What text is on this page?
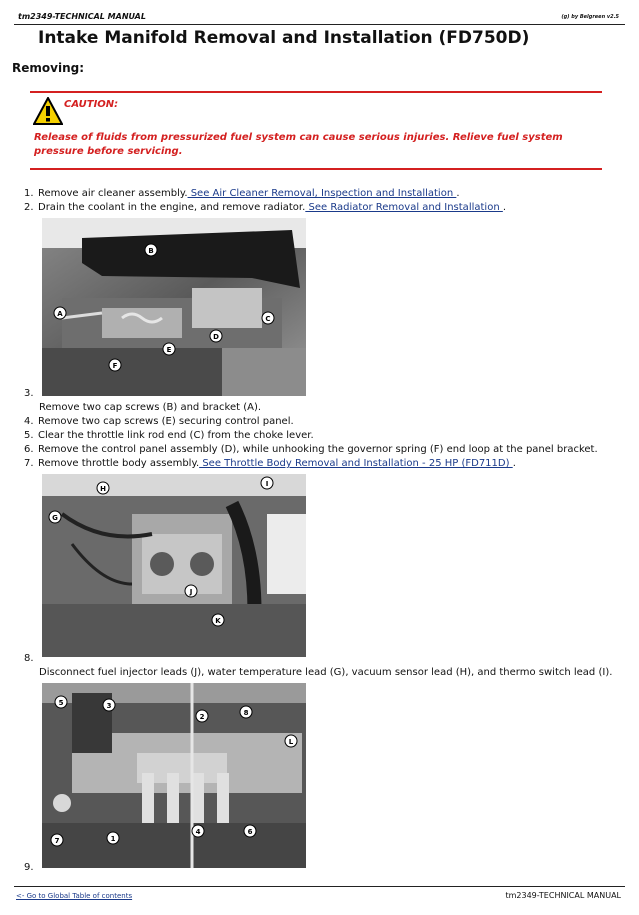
tm2349-TECHNICAL MANUAL	(g) by Belgreen v2.5
Intake Manifold Removal and Installation (FD750D)
Removing:
CAUTION:
Release of fluids from pressurized fuel system can cause serious injuries. Relieve fuel system pressure before servicing.
1. Remove air cleaner assembly. See Air Cleaner Removal, Inspection and Installation .
2. Drain the coolant in the engine, and remove radiator. See Radiator Removal and Installation .
A
B
C
D
E
F
3.
Remove two cap screws (B) and bracket (A).
4. Remove two cap screws (E) securing control panel.
5. Clear the throttle link rod end (C) from the choke lever.
6. Remove the control panel assembly (D), while unhooking the governor spring (F) end loop at the panel bracket.
7. Remove throttle body assembly. See Throttle Body Removal and Installation - 25 HP (FD711D) .
G
H
I
J
K
8.
Disconnect fuel injector leads (J), water temperature lead (G), vacuum sensor lead (H), and thermo switch lead (I).
1
2
3
4
5
6
7
8
L
9.
<- Go to Global Table of contents	tm2349-TECHNICAL MANUAL
